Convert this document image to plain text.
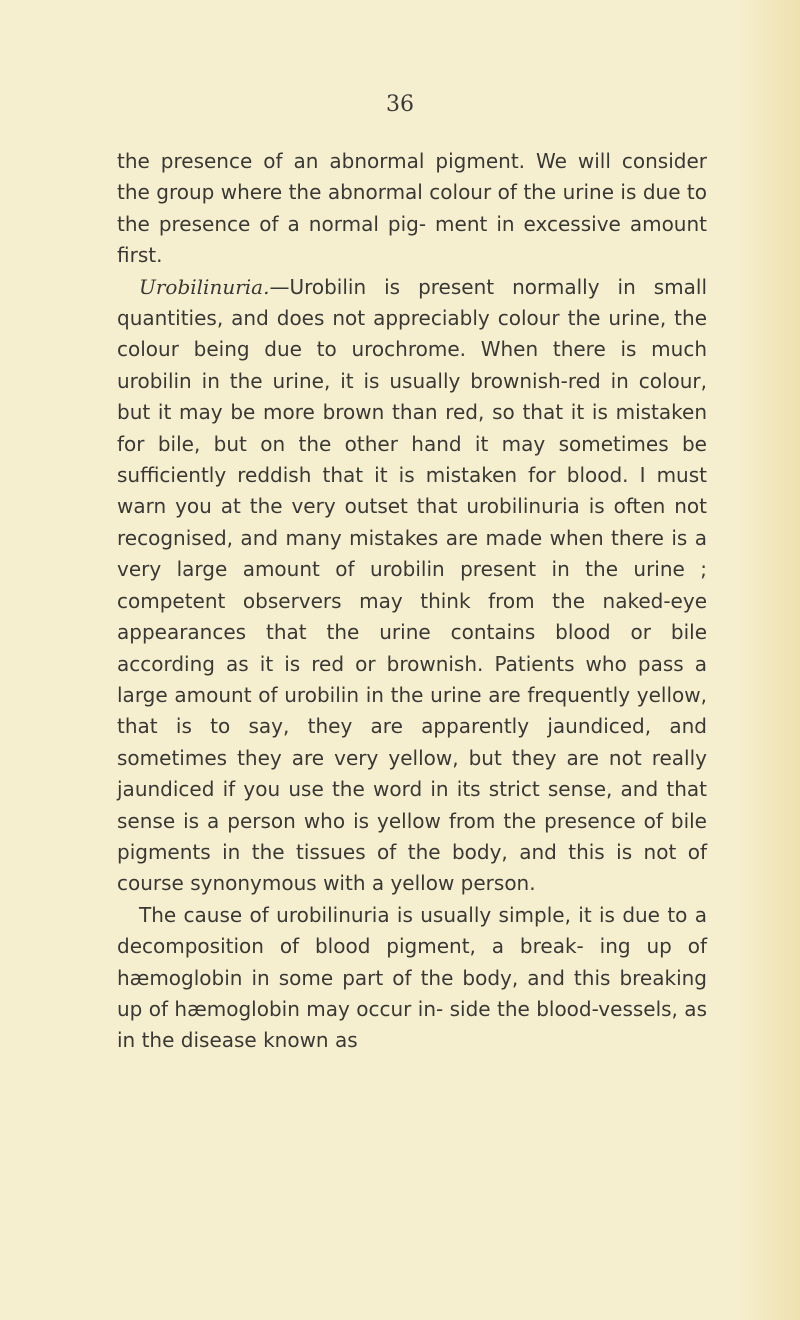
36

the presence of an abnormal pigment. We will consider the group where the abnormal colour of the urine is due to the presence of a normal pig- ment in excessive amount first.

Urobilinuria.—Urobilin is present normally in small quantities, and does not appreciably colour the urine, the colour being due to urochrome. When there is much urobilin in the urine, it is usually brownish-red in colour, but it may be more brown than red, so that it is mistaken for bile, but on the other hand it may sometimes be sufficiently reddish that it is mistaken for blood. I must warn you at the very outset that urobilinuria is often not recognised, and many mistakes are made when there is a very large amount of urobilin present in the urine ; competent observers may think from the naked-eye appearances that the urine contains blood or bile according as it is red or brownish. Patients who pass a large amount of urobilin in the urine are frequently yellow, that is to say, they are apparently jaundiced, and sometimes they are very yellow, but they are not really jaundiced if you use the word in its strict sense, and that sense is a person who is yellow from the presence of bile pigments in the tissues of the body, and this is not of course synonymous with a yellow person.

The cause of urobilinuria is usually simple, it is due to a decomposition of blood pigment, a break- ing up of hæmoglobin in some part of the body, and this breaking up of hæmoglobin may occur in- side the blood-vessels, as in the disease known as
